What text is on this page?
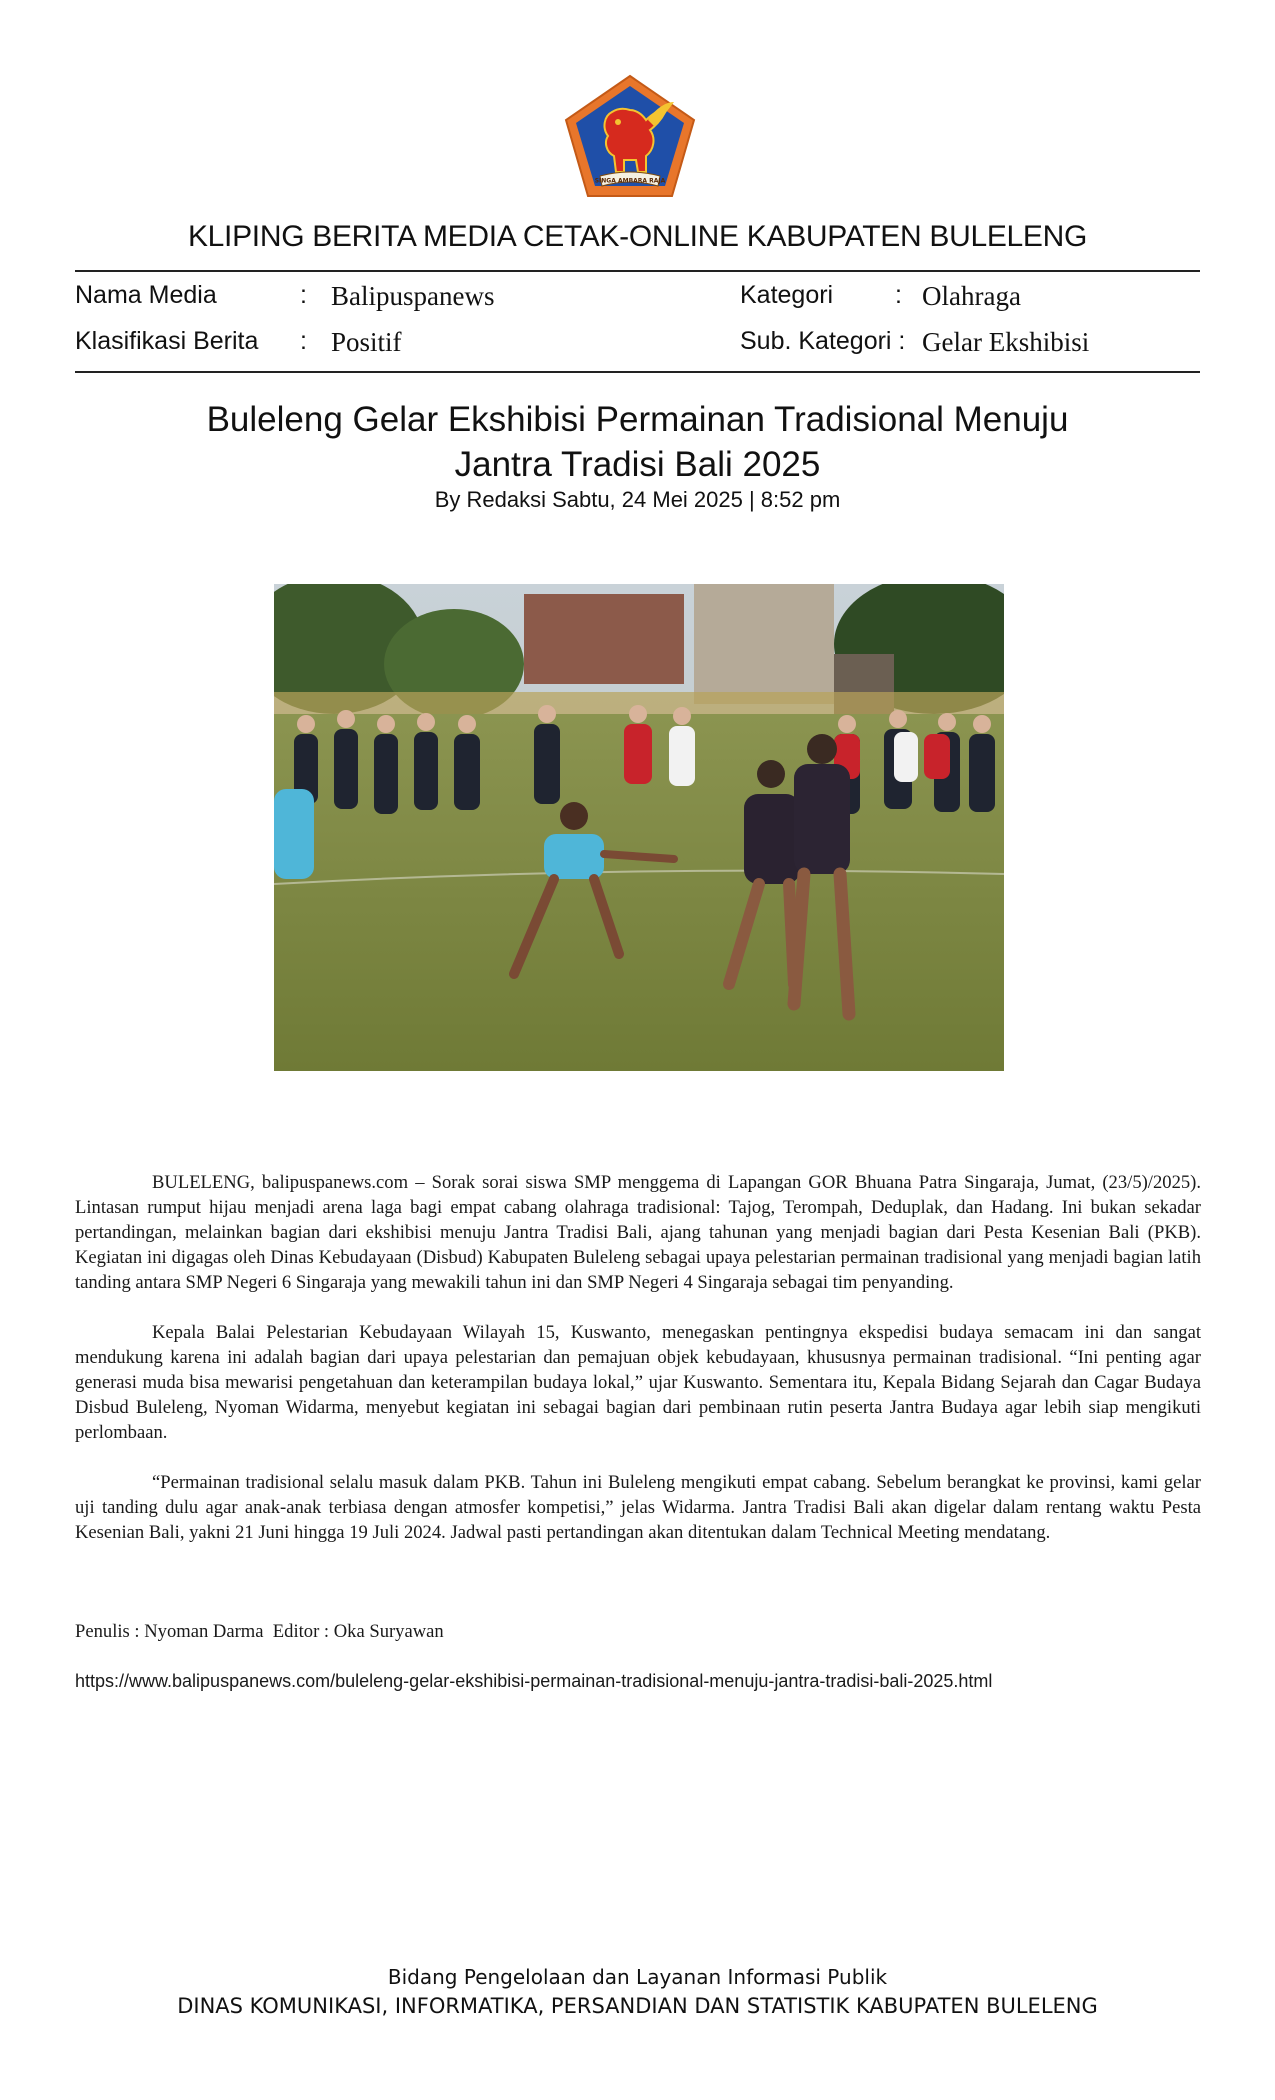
SINGA AMBARA RAJA
KLIPING BERITA MEDIA CETAK-ONLINE KABUPATEN BULELENG
Nama Media	: Balipuspanews	Kategori : Olahraga
Klasifikasi Berita : Positif	Sub. Kategori : Gelar Ekshibisi
Buleleng Gelar Ekshibisi Permainan Tradisional Menuju
Jantra Tradisi Bali 2025
By Redaksi Sabtu, 24 Mei 2025 | 8:52 pm

BULELENG, balipuspanews.com – Sorak sorai siswa SMP menggema di Lapangan GOR Bhuana Patra Singaraja, Jumat, (23/5)/2025). Lintasan rumput hijau menjadi arena laga bagi empat cabang olahraga tradisional: Tajog, Terompah, Deduplak, dan Hadang. Ini bukan sekadar pertandingan, melainkan bagian dari ekshibisi menuju Jantra Tradisi Bali, ajang tahunan yang menjadi bagian dari Pesta Kesenian Bali (PKB). Kegiatan ini digagas oleh Dinas Kebudayaan (Disbud) Kabupaten Buleleng sebagai upaya pelestarian permainan tradisional yang menjadi bagian latih tanding antara SMP Negeri 6 Singaraja yang mewakili tahun ini dan SMP Negeri 4 Singaraja sebagai tim penyanding.

Kepala Balai Pelestarian Kebudayaan Wilayah 15, Kuswanto, menegaskan pentingnya ekspedisi budaya semacam ini dan sangat mendukung karena ini adalah bagian dari upaya pelestarian dan pemajuan objek kebudayaan, khususnya permainan tradisional. “Ini penting agar generasi muda bisa mewarisi pengetahuan dan keterampilan budaya lokal,” ujar Kuswanto. Sementara itu, Kepala Bidang Sejarah dan Cagar Budaya Disbud Buleleng, Nyoman Widarma, menyebut kegiatan ini sebagai bagian dari pembinaan rutin peserta Jantra Budaya agar lebih siap mengikuti perlombaan.

“Permainan tradisional selalu masuk dalam PKB. Tahun ini Buleleng mengikuti empat cabang. Sebelum berangkat ke provinsi, kami gelar uji tanding dulu agar anak-anak terbiasa dengan atmosfer kompetisi,” jelas Widarma. Jantra Tradisi Bali akan digelar dalam rentang waktu Pesta Kesenian Bali, yakni 21 Juni hingga 19 Juli 2024. Jadwal pasti pertandingan akan ditentukan dalam Technical Meeting mendatang.

Penulis : Nyoman Darma  Editor : Oka Suryawan
https://www.balipuspanews.com/buleleng-gelar-ekshibisi-permainan-tradisional-menuju-jantra-tradisi-bali-2025.html
Bidang Pengelolaan dan Layanan Informasi Publik
DINAS KOMUNIKASI, INFORMATIKA, PERSANDIAN DAN STATISTIK KABUPATEN BULELENG
